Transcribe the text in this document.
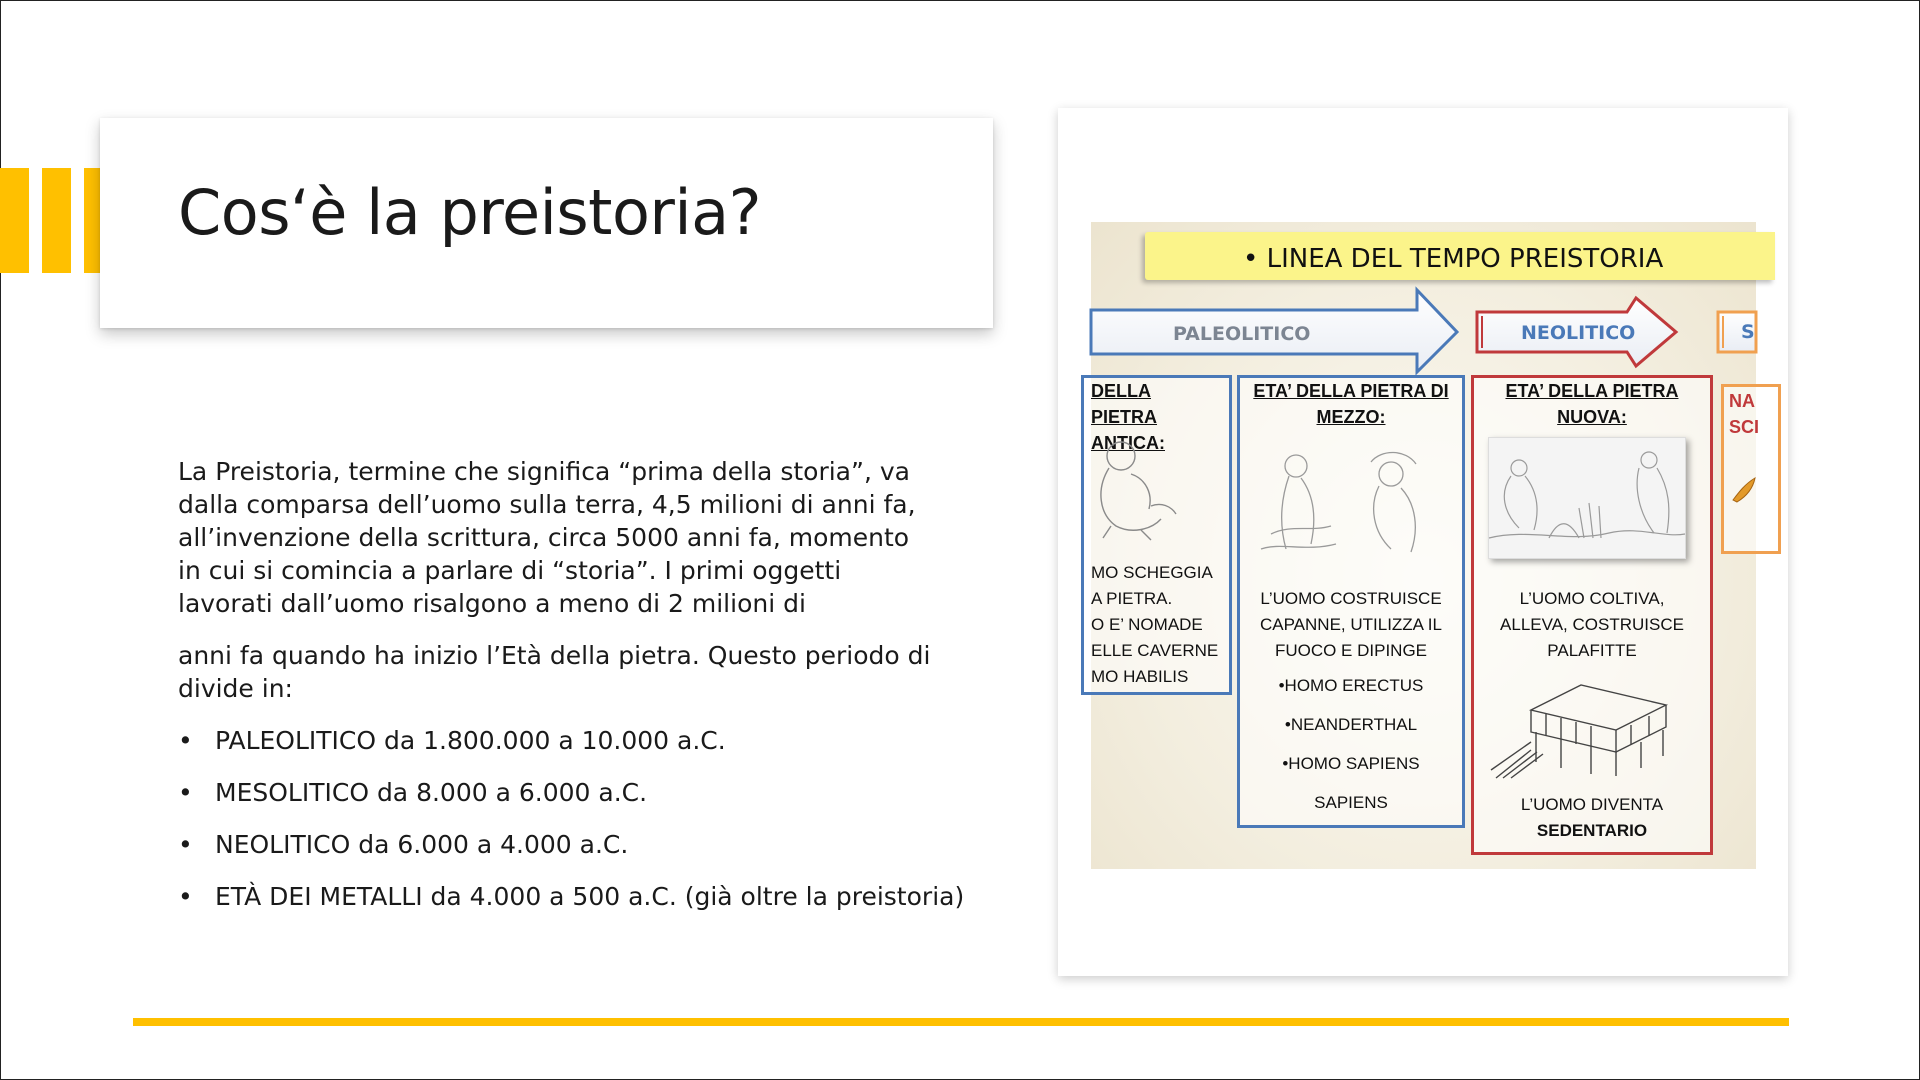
Cos‘è la preistoria?
La Preistoria, termine che significa “prima della storia”, va dalla comparsa dell’uomo sulla terra, 4,5 milioni di anni fa, all’invenzione della scrittura, circa 5000 anni fa, momento in cui si comincia a parlare di “storia”. I primi oggetti lavorati dall’uomo risalgono a meno di 2 milioni di
anni fa quando ha inizio l’Età della pietra. Questo periodo di divide in:
• PALEOLITICO da 1.800.000 a 10.000 a.C.
• MESOLITICO da 8.000 a 6.000 a.C.
• NEOLITICO da 6.000 a 4.000 a.C.
• ETÀ DEI METALLI da 4.000 a 500 a.C. (già oltre la preistoria)
• LINEA DEL TEMPO PREISTORIA
PALEOLITICO	NEOLITICO	S
DELLA PIETRA
ANTICA:
MO SCHEGGIA
A PIETRA.
O E’ NOMADE
ELLE CAVERNE
MO HABILIS
ETA’ DELLA PIETRA DI
MEZZO:
L’UOMO COSTRUISCE
CAPANNE, UTILIZZA IL
FUOCO E DIPINGE
•HOMO ERECTUS
•NEANDERTHAL
•HOMO SAPIENS
SAPIENS
ETA’ DELLA PIETRA
NUOVA:
L’UOMO COLTIVA,
ALLEVA, COSTRUISCE
PALAFITTE
L’UOMO DIVENTA
SEDENTARIO
NA
SCI
